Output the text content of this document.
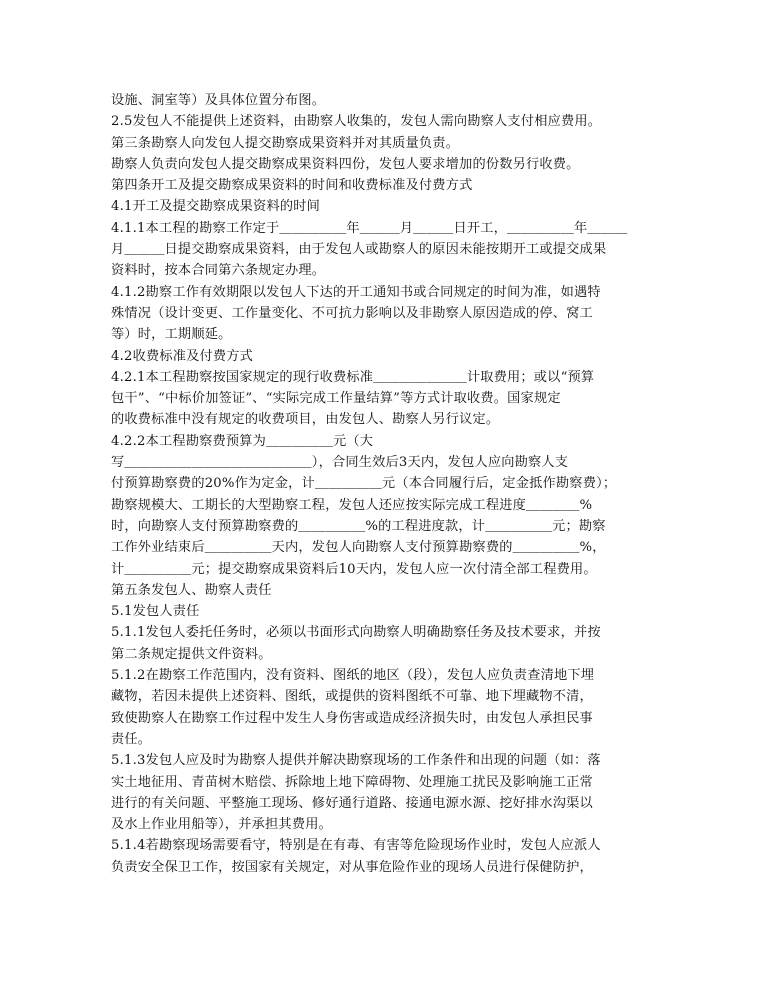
设施、洞室等）及具体位置分布图。
2.5发包人不能提供上述资料，由勘察人收集的，发包人需向勘察人支付相应费用。
第三条勘察人向发包人提交勘察成果资料并对其质量负责。
勘察人负责向发包人提交勘察成果资料四份，发包人要求增加的份数另行收费。
第四条开工及提交勘察成果资料的时间和收费标准及付费方式
4.1开工及提交勘察成果资料的时间
4.1.1本工程的勘察工作定于＿＿＿＿＿年＿＿＿月＿＿＿日开工，＿＿＿＿＿年＿＿＿
月＿＿＿日提交勘察成果资料，由于发包人或勘察人的原因未能按期开工或提交成果
资料时，按本合同第六条规定办理。
4.1.2勘察工作有效期限以发包人下达的开工通知书或合同规定的时间为准，如遇特
殊情况（设计变更、工作量变化、不可抗力影响以及非勘察人原因造成的停、窝工
等）时，工期顺延。
4.2收费标准及付费方式
4.2.1本工程勘察按国家规定的现行收费标准＿＿＿＿＿＿＿计取费用；或以“预算
包干”、“中标价加签证”、“实际完成工作量结算”等方式计取收费。国家规定
的收费标准中没有规定的收费项目，由发包人、勘察人另行议定。
4.2.2本工程勘察费预算为＿＿＿＿＿元（大
写＿＿＿＿＿＿＿＿＿＿＿＿＿＿），合同生效后3天内，发包人应向勘察人支
付预算勘察费的20%作为定金，计＿＿＿＿＿元（本合同履行后，定金抵作勘察费）；
勘察规模大、工期长的大型勘察工程，发包人还应按实际完成工程进度＿＿＿＿%
时，向勘察人支付预算勘察费的＿＿＿＿＿%的工程进度款，计＿＿＿＿＿元；勘察
工作外业结束后＿＿＿＿＿天内，发包人向勘察人支付预算勘察费的＿＿＿＿＿%，
计＿＿＿＿＿元；提交勘察成果资料后10天内，发包人应一次付清全部工程费用。
第五条发包人、勘察人责任
5.1发包人责任
5.1.1发包人委托任务时，必须以书面形式向勘察人明确勘察任务及技术要求，并按
第二条规定提供文件资料。
5.1.2在勘察工作范围内，没有资料、图纸的地区（段），发包人应负责查清地下埋
藏物，若因未提供上述资料、图纸，或提供的资料图纸不可靠、地下埋藏物不清，
致使勘察人在勘察工作过程中发生人身伤害或造成经济损失时，由发包人承担民事
责任。
5.1.3发包人应及时为勘察人提供并解决勘察现场的工作条件和出现的问题（如：落
实土地征用、青苗树木赔偿、拆除地上地下障碍物、处理施工扰民及影响施工正常
进行的有关问题、平整施工现场、修好通行道路、接通电源水源、挖好排水沟渠以
及水上作业用船等），并承担其费用。
5.1.4若勘察现场需要看守，特别是在有毒、有害等危险现场作业时，发包人应派人
负责安全保卫工作，按国家有关规定，对从事危险作业的现场人员进行保健防护，
